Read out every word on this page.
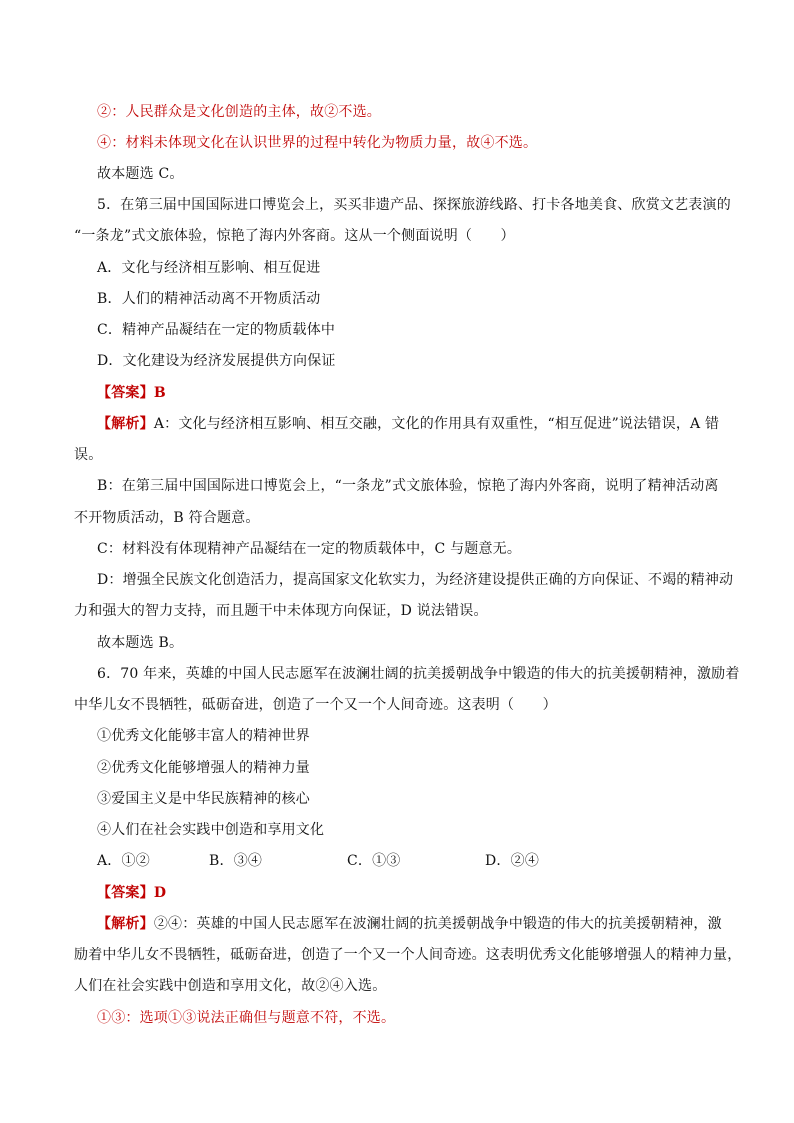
②：人民群众是文化创造的主体，故②不选。
④：材料未体现文化在认识世界的过程中转化为物质力量，故④不选。
故本题选 C。
5．在第三届中国国际进口博览会上，买买非遗产品、探探旅游线路、打卡各地美食、欣赏文艺表演的
“一条龙”式文旅体验，惊艳了海内外客商。这从一个侧面说明（　　）
A．文化与经济相互影响、相互促进
B．人们的精神活动离不开物质活动
C．精神产品凝结在一定的物质载体中
D．文化建设为经济发展提供方向保证
【答案】B
【解析】A：文化与经济相互影响、相互交融，文化的作用具有双重性，“相互促进”说法错误，A 错
误。
B：在第三届中国国际进口博览会上，“一条龙”式文旅体验，惊艳了海内外客商，说明了精神活动离
不开物质活动，B 符合题意。
C：材料没有体现精神产品凝结在一定的物质载体中，C 与题意无。
D：增强全民族文化创造活力，提高国家文化软实力，为经济建设提供正确的方向保证、不竭的精神动
力和强大的智力支持，而且题干中未体现方向保证，D 说法错误。
故本题选 B。
6．70 年来，英雄的中国人民志愿军在波澜壮阔的抗美援朝战争中锻造的伟大的抗美援朝精神，激励着
中华儿女不畏牺牲，砥砺奋进，创造了一个又一个人间奇迹。这表明（　　）
①优秀文化能够丰富人的精神世界
②优秀文化能够增强人的精神力量
③爱国主义是中华民族精神的核心
④人们在社会实践中创造和享用文化
A．①②	B．③④	C．①③	D．②④
【答案】D
【解析】②④：英雄的中国人民志愿军在波澜壮阔的抗美援朝战争中锻造的伟大的抗美援朝精神，激
励着中华儿女不畏牺牲，砥砺奋进，创造了一个又一个人间奇迹。这表明优秀文化能够增强人的精神力量，
人们在社会实践中创造和享用文化，故②④入选。
①③：选项①③说法正确但与题意不符，不选。
